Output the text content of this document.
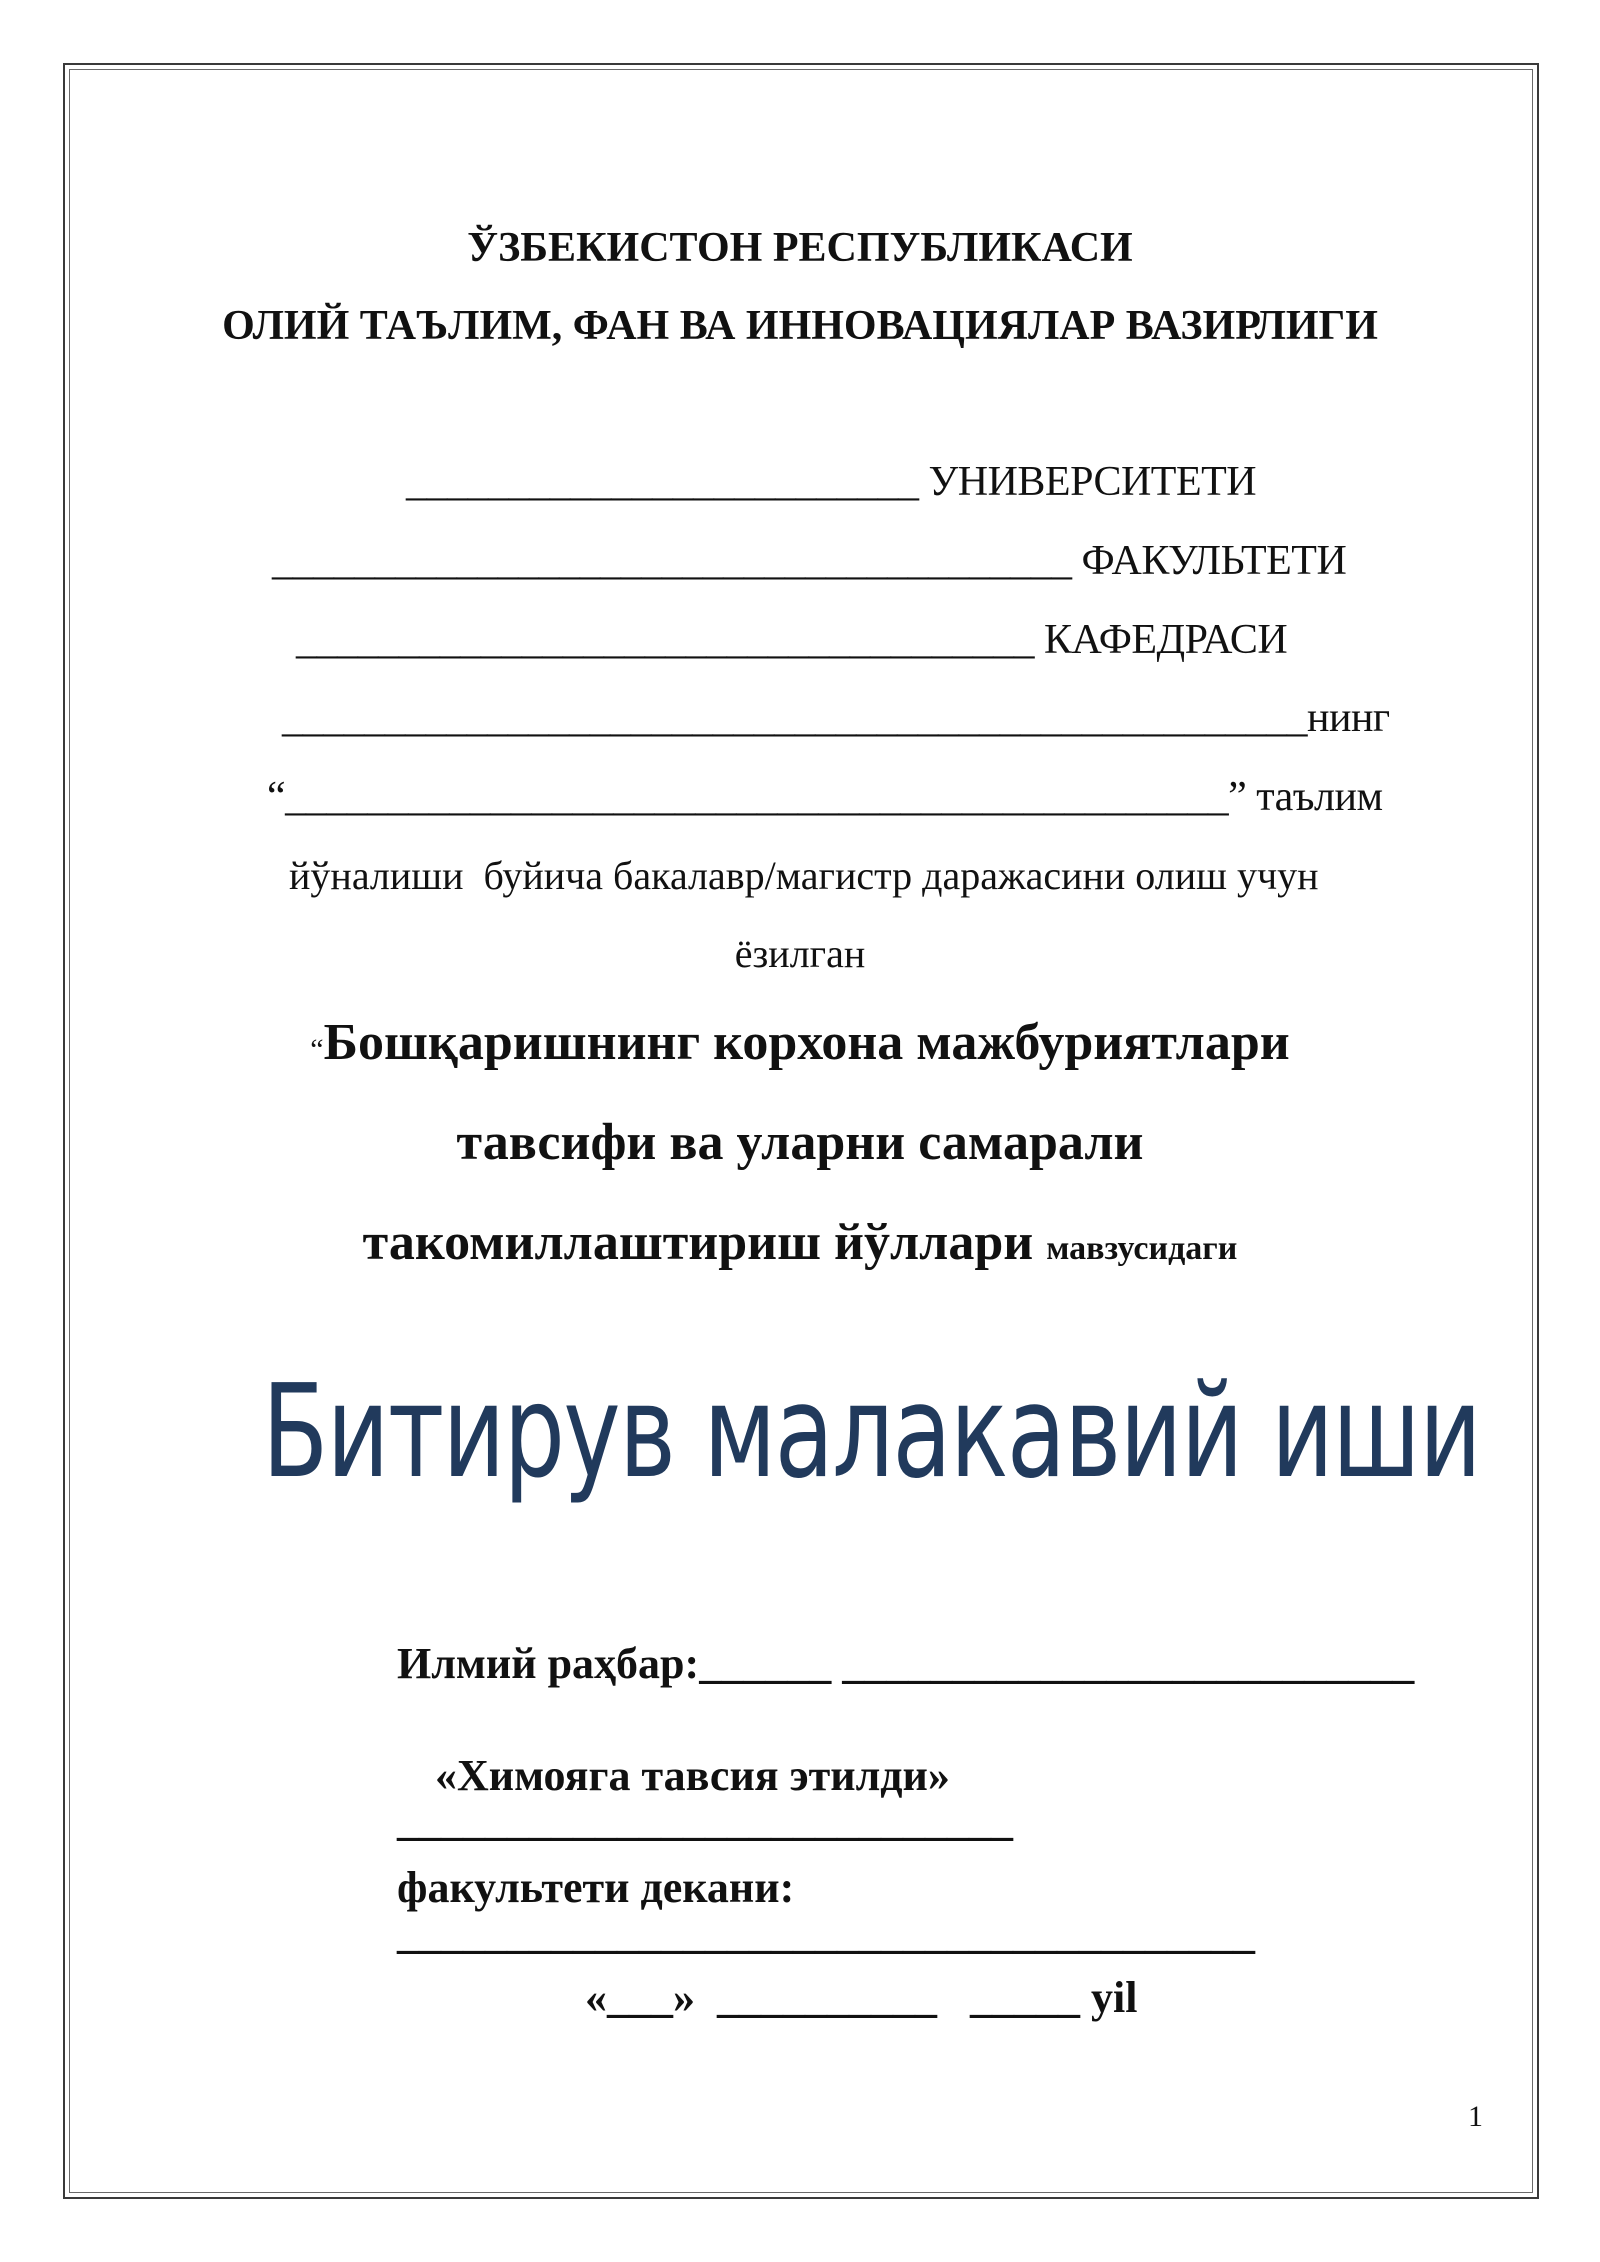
ЎЗБЕКИСТОН РЕСПУБЛИКАСИ
ОЛИЙ ТАЪЛИМ, ФАН ВА ИННОВАЦИЯЛАР ВАЗИРЛИГИ
_________________________ УНИВЕРСИТЕТИ
_______________________________________ ФАКУЛЬТЕТИ
____________________________________ КАФЕДРАСИ
__________________________________________________нинг
“______________________________________________” таълим
йўналиши  буйича бакалавр/магистр даражасини олиш учун
ёзилган
“Бошқаришнинг корхона мажбуриятлари
тавсифи ва уларни самарали
такомиллаштириш йўллари мавзусидаги
Битирув малакавий иши
Илмий раҳбар:______ __________________________
«Химояга тавсия этилди»
____________________________
факультети декани:
_______________________________________
«___» __________ _____ yil
1
